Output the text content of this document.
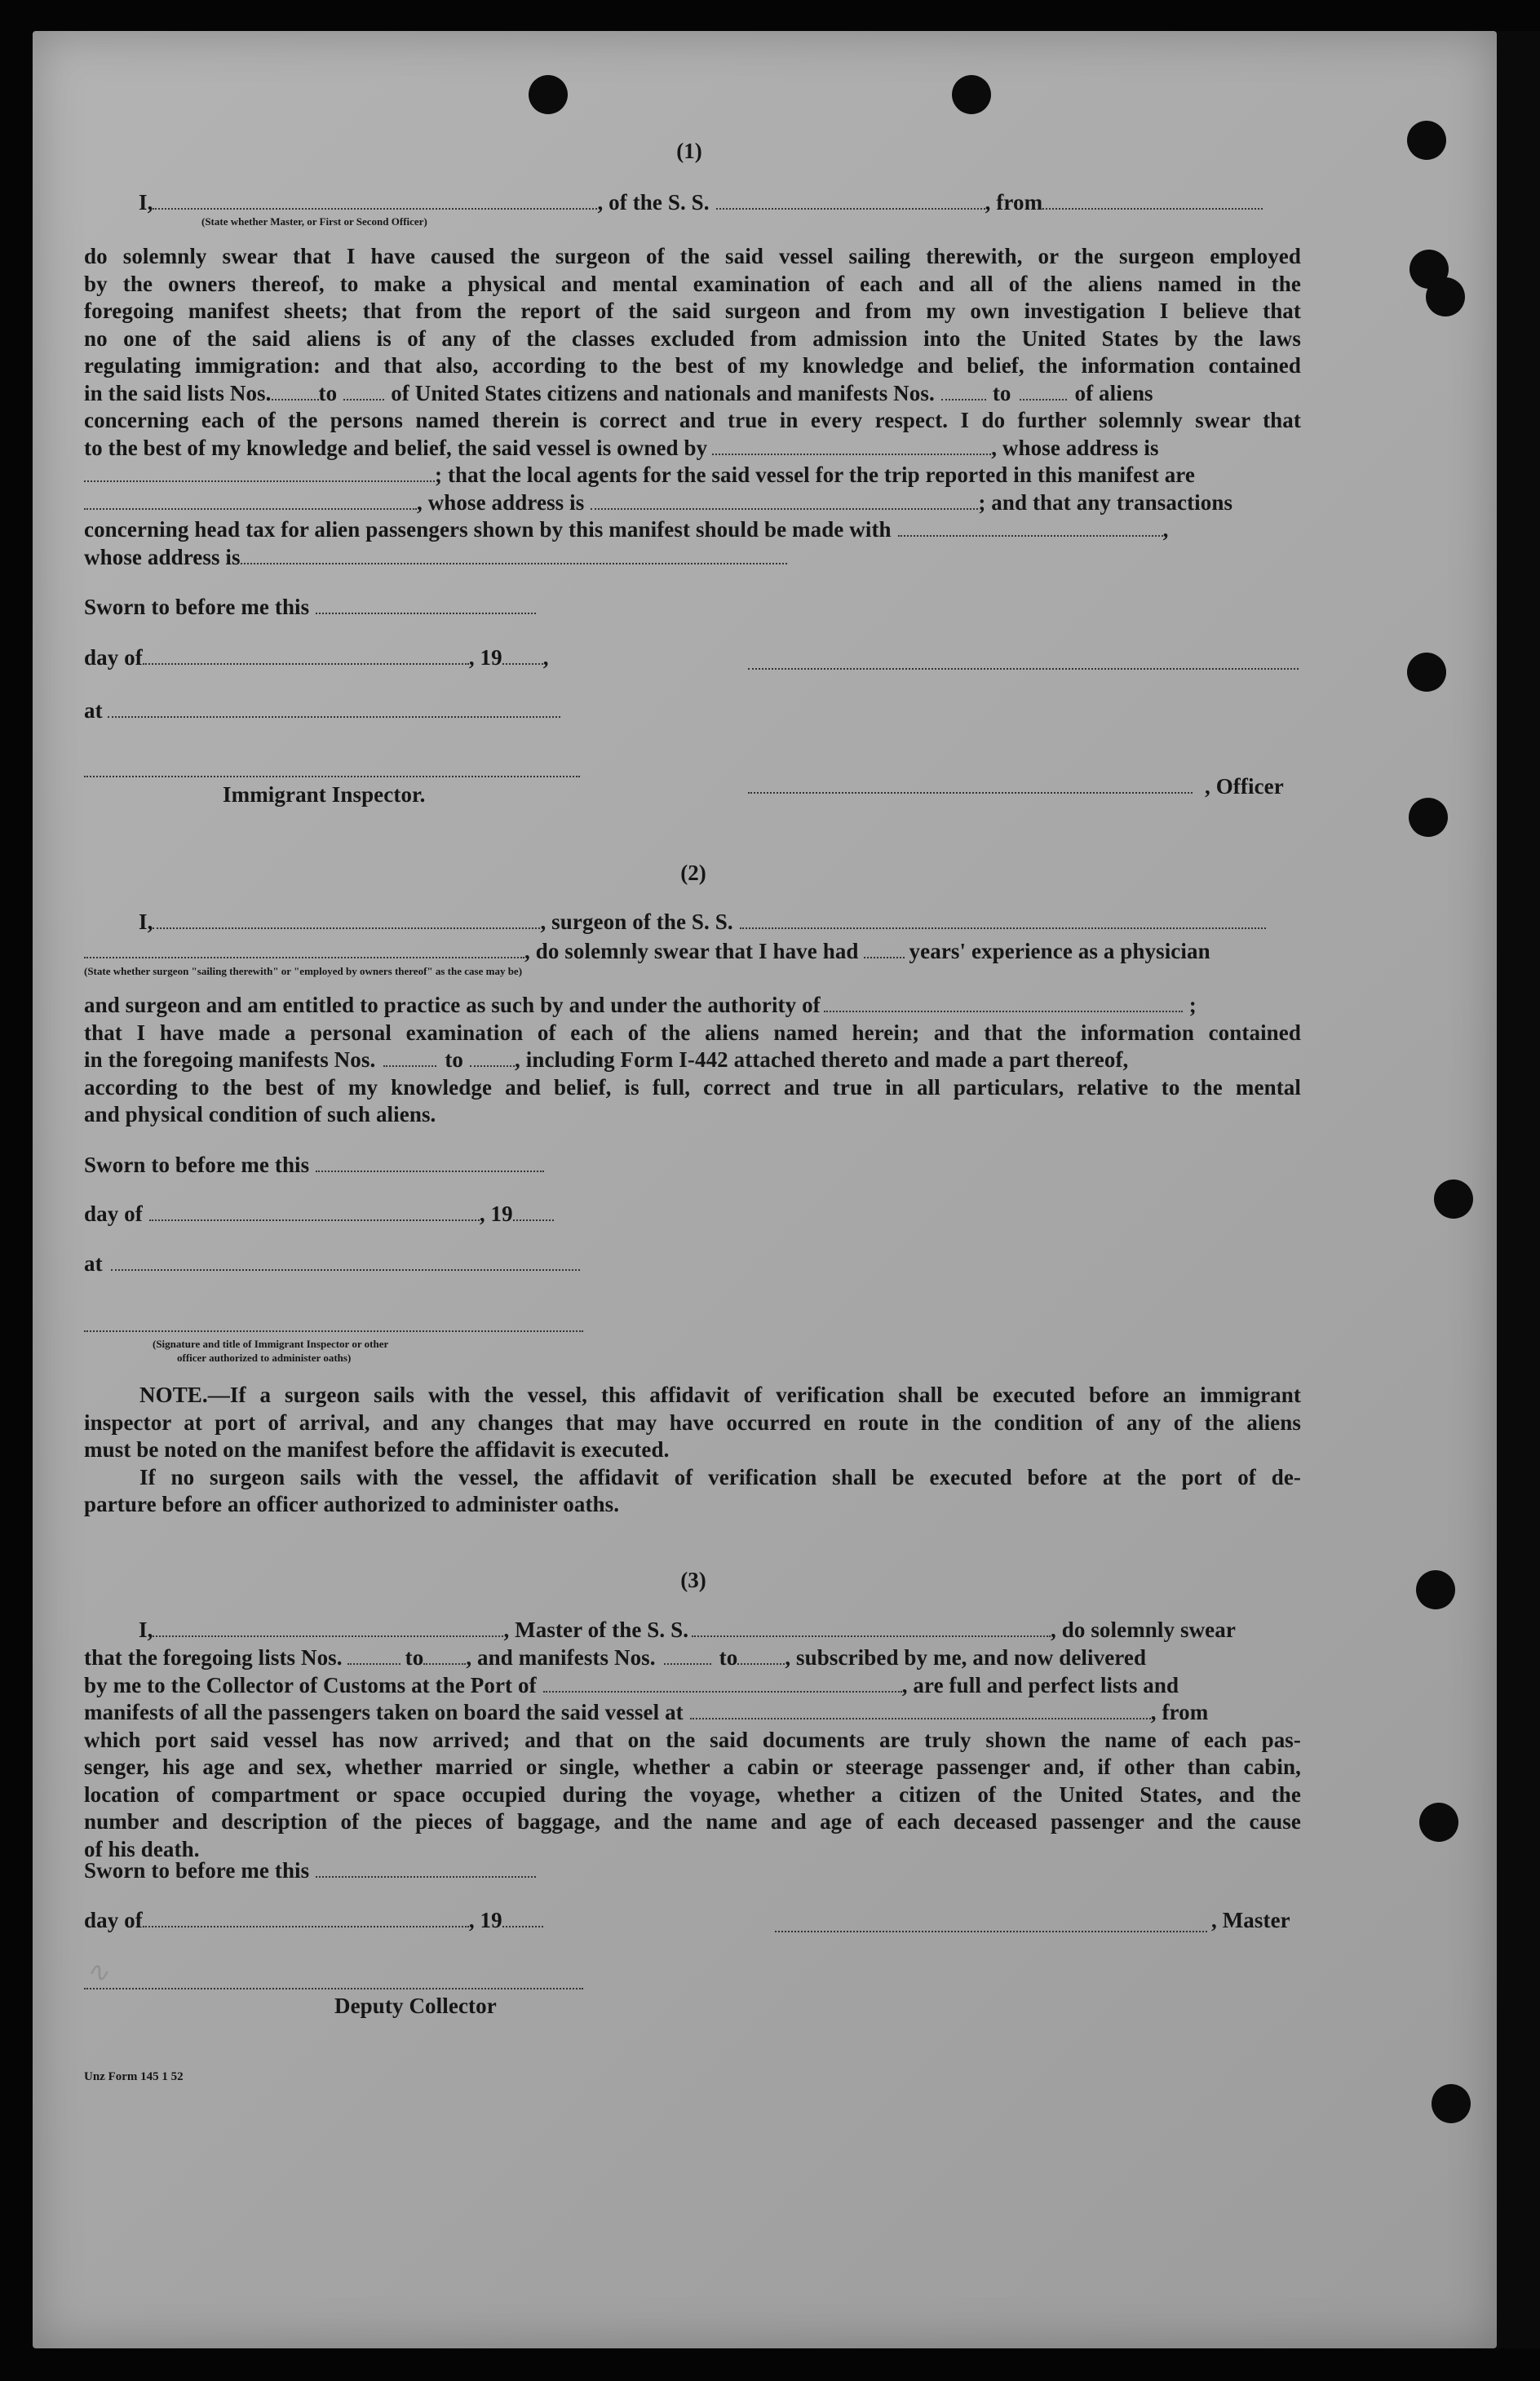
(1)
I,	, of the S. S.	, from
(State whether Master, or First or Second Officer)
do solemnly swear that I have caused the surgeon of the said vessel sailing therewith, or the surgeon employed
by the owners thereof, to make a physical and mental examination of each and all of the aliens named in the
foregoing manifest sheets; that from the report of the said surgeon and from my own investigation I believe that
no one of the said aliens is of any of the classes excluded from admission into the United States by the laws
regulating immigration: and that also, according to the best of my knowledge and belief, the information contained
in the said lists Nos. to of United States citizens and nationals and manifests Nos.	to	of aliens
concerning each of the persons named therein is correct and true in every respect. I do further solemnly swear that
to the best of my knowledge and belief, the said vessel is owned by	, whose address is
; that the local agents for the said vessel for the trip reported in this manifest are
, whose address is	; and that any transactions
concerning head tax for alien passengers shown by this manifest should be made with	,
whose address is
Sworn to before me this
day of	, 19 ,
at
Immigrant Inspector.	, Officer
(2)
I,	, surgeon of the S. S.
, do solemnly swear that I have had years' experience as a physician
(State whether surgeon "sailing therewith" or "employed by owners thereof" as the case may be)
and surgeon and am entitled to practice as such by and under the authority of	;
that I have made a personal examination of each of the aliens named herein; and that the information contained
in the foregoing manifests Nos.	to , including Form I-442 attached thereto and made a part thereof,
according to the best of my knowledge and belief, is full, correct and true in all particulars, relative to the mental
and physical condition of such aliens.
Sworn to before me this
day of	, 19
at
(Signature and title of Immigrant Inspector or other
officer authorized to administer oaths)
NOTE.—If a surgeon sails with the vessel, this affidavit of verification shall be executed before an immigrant
inspector at port of arrival, and any changes that may have occurred en route in the condition of any of the aliens
must be noted on the manifest before the affidavit is executed.
If no surgeon sails with the vessel, the affidavit of verification shall be executed before at the port of de-
parture before an officer authorized to administer oaths.
(3)
I,	, Master of the S. S.	, do solemnly swear
that the foregoing lists Nos.	to , and manifests Nos.	to , subscribed by me, and now delivered
by me to the Collector of Customs at the Port of	, are full and perfect lists and
manifests of all the passengers taken on board the said vessel at	, from
which port said vessel has now arrived; and that on the said documents are truly shown the name of each pas-
senger, his age and sex, whether married or single, whether a cabin or steerage passenger and, if other than cabin,
location of compartment or space occupied during the voyage, whether a citizen of the United States, and the
number and description of the pieces of baggage, and the name and age of each deceased passenger and the cause
of his death.
Sworn to before me this
day of	, 19	, Master
∿
Deputy Collector
Unz Form 145 1 52
